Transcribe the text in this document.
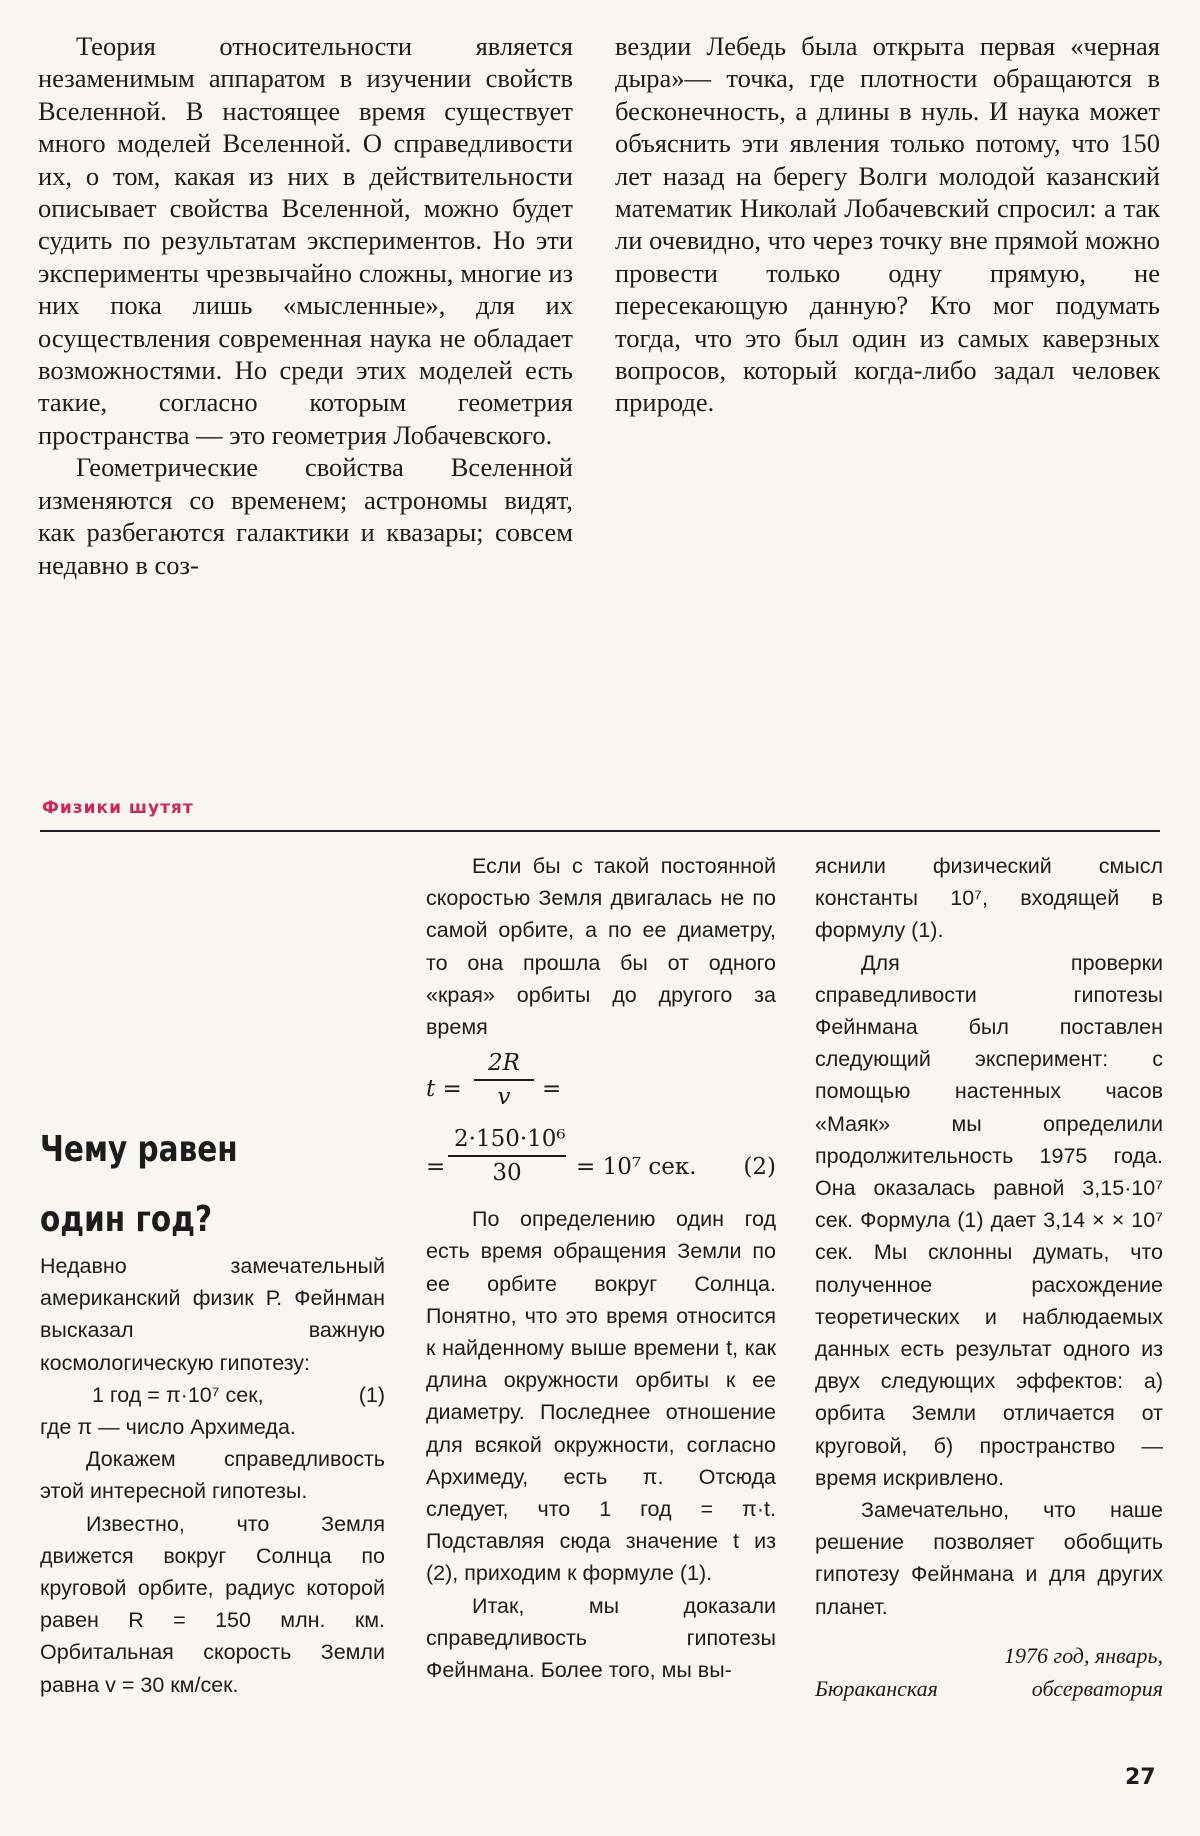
Теория относительности является незаменимым аппаратом в изучении свойств Вселенной. В настоящее время существует много моделей Вселенной. О справедливости их, о том, какая из них в действительности описывает свойства Вселенной, можно будет судить по результатам экспериментов. Но эти эксперименты чрезвычайно сложны, многие из них пока лишь «мысленные», для их осуществления современная наука не обладает возможностями. Но среди этих моделей есть такие, согласно которым геометрия пространства — это геометрия Лобачевского.

Геометрические свойства Вселенной изменяются со временем; астрономы видят, как разбегаются галактики и квазары; совсем недавно в соз-

вездии Лебедь была открыта первая «черная дыра»— точка, где плотности обращаются в бесконечность, а длины в нуль. И наука может объяснить эти явления только потому, что 150 лет назад на берегу Волги молодой казанский математик Николай Лобачевский спросил: а так ли очевидно, что через точку вне прямой можно провести только одну прямую, не пересекающую данную? Кто мог подумать тогда, что это был один из самых каверзных вопросов, который когда-либо задал человек природе.

Физики шутят
Чему равен
один год?

Недавно замечательный американский физик Р. Фейнман высказал важную космологическую гипотезу:

1 год = π·10⁷ сек,	(1)

где π — число Архимеда.

Докажем справедливость этой интересной гипотезы.

Известно, что Земля движется вокруг Солнца по круговой орбите, радиус которой равен R = 150 млн. км. Орбитальная скорость Земли равна v = 30 км/сек.

Если бы с такой постоянной скоростью Земля двигалась не по самой орбите, а по ее диаметру, то она прошла бы от одного «края» орбиты до другого за время

$t = \frac{2R}{v}$ =
= $\frac{\text{2·150·10⁶}}{30} = 10^7$ сек. (2)

По определению один год есть время обращения Земли по ее орбите вокруг Солнца. Понятно, что это время относится к найденному выше времени t, как длина окружности орбиты к ее диаметру. Последнее отношение для всякой окружности, согласно Архимеду, есть π. Отсюда следует, что 1 год = π·t. Подставляя сюда значение t из (2), приходим к формуле (1).

Итак, мы доказали справедливость гипотезы Фейнмана. Более того, мы вы-

яснили физический смысл константы 10⁷, входящей в формулу (1).

Для проверки справедливости гипотезы Фейнмана был поставлен следующий эксперимент: с помощью настенных часов «Маяк» мы определили продолжительность 1975 года. Она оказалась равной 3,15·10⁷ сек. Формула (1) дает 3,14 × × 10⁷ сек. Мы склонны думать, что полученное расхождение теоретических и наблюдаемых данных есть результат одного из двух следующих эффектов: а) орбита Земли отличается от круговой, б) пространство — время искривлено.

Замечательно, что наше решение позволяет обобщить гипотезу Фейнмана и для других планет.

1976 год, январь,
Бюраканская	обсерватория
27
